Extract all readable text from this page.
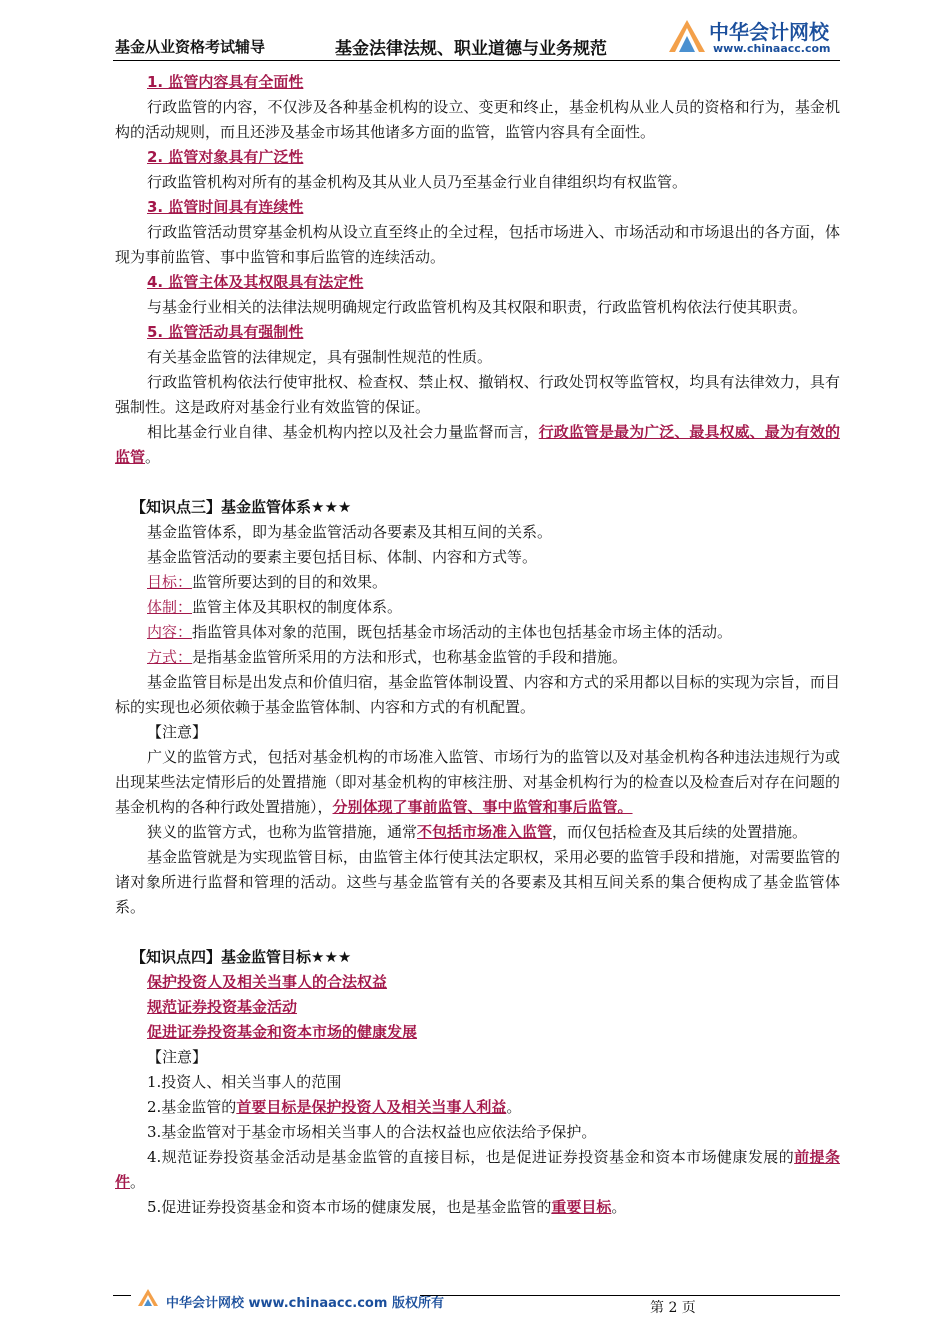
基金从业资格考试辅导	基金法律法规、职业道德与业务规范
中华会计网校
www.chinaacc.com

1. 监管内容具有全面性

行政监管的内容，不仅涉及各种基金机构的设立、变更和终止，基金机构从业人员的资格和行为，基金机构的活动规则，而且还涉及基金市场其他诸多方面的监管，监管内容具有全面性。

2. 监管对象具有广泛性

行政监管机构对所有的基金机构及其从业人员乃至基金行业自律组织均有权监管。

3. 监管时间具有连续性

行政监管活动贯穿基金机构从设立直至终止的全过程，包括市场进入、市场活动和市场退出的各方面，体现为事前监管、事中监管和事后监管的连续活动。

4. 监管主体及其权限具有法定性

与基金行业相关的法律法规明确规定行政监管机构及其权限和职责，行政监管机构依法行使其职责。

5. 监管活动具有强制性

有关基金监管的法律规定，具有强制性规范的性质。

行政监管机构依法行使审批权、检查权、禁止权、撤销权、行政处罚权等监管权，均具有法律效力，具有强制性。这是政府对基金行业有效监管的保证。

相比基金行业自律、基金机构内控以及社会力量监督而言，行政监管是最为广泛、最具权威、最为有效的监管。

【知识点三】基金监管体系★★★

基金监管体系，即为基金监管活动各要素及其相互间的关系。

基金监管活动的要素主要包括目标、体制、内容和方式等。

目标：监管所要达到的目的和效果。

体制：监管主体及其职权的制度体系。

内容：指监管具体对象的范围，既包括基金市场活动的主体也包括基金市场主体的活动。

方式：是指基金监管所采用的方法和形式，也称基金监管的手段和措施。

基金监管目标是出发点和价值归宿，基金监管体制设置、内容和方式的采用都以目标的实现为宗旨，而目标的实现也必须依赖于基金监管体制、内容和方式的有机配置。

【注意】

广义的监管方式，包括对基金机构的市场准入监管、市场行为的监管以及对基金机构各种违法违规行为或出现某些法定情形后的处置措施（即对基金机构的审核注册、对基金机构行为的检查以及检查后对存在问题的基金机构的各种行政处置措施），分别体现了事前监管、事中监管和事后监管。

狭义的监管方式，也称为监管措施，通常不包括市场准入监管，而仅包括检查及其后续的处置措施。

基金监管就是为实现监管目标，由监管主体行使其法定职权，采用必要的监管手段和措施，对需要监管的诸对象所进行监督和管理的活动。这些与基金监管有关的各要素及其相互间关系的集合便构成了基金监管体系。

【知识点四】基金监管目标★★★

保护投资人及相关当事人的合法权益

规范证券投资基金活动

促进证券投资基金和资本市场的健康发展

【注意】

1.投资人、相关当事人的范围

2.基金监管的首要目标是保护投资人及相关当事人利益。

3.基金监管对于基金市场相关当事人的合法权益也应依法给予保护。

4.规范证券投资基金活动是基金监管的直接目标，也是促进证券投资基金和资本市场健康发展的前提条件。

5.促进证券投资基金和资本市场的健康发展，也是基金监管的重要目标。

中华会计网校 www.chinaacc.com 版权所有	第 2 页
